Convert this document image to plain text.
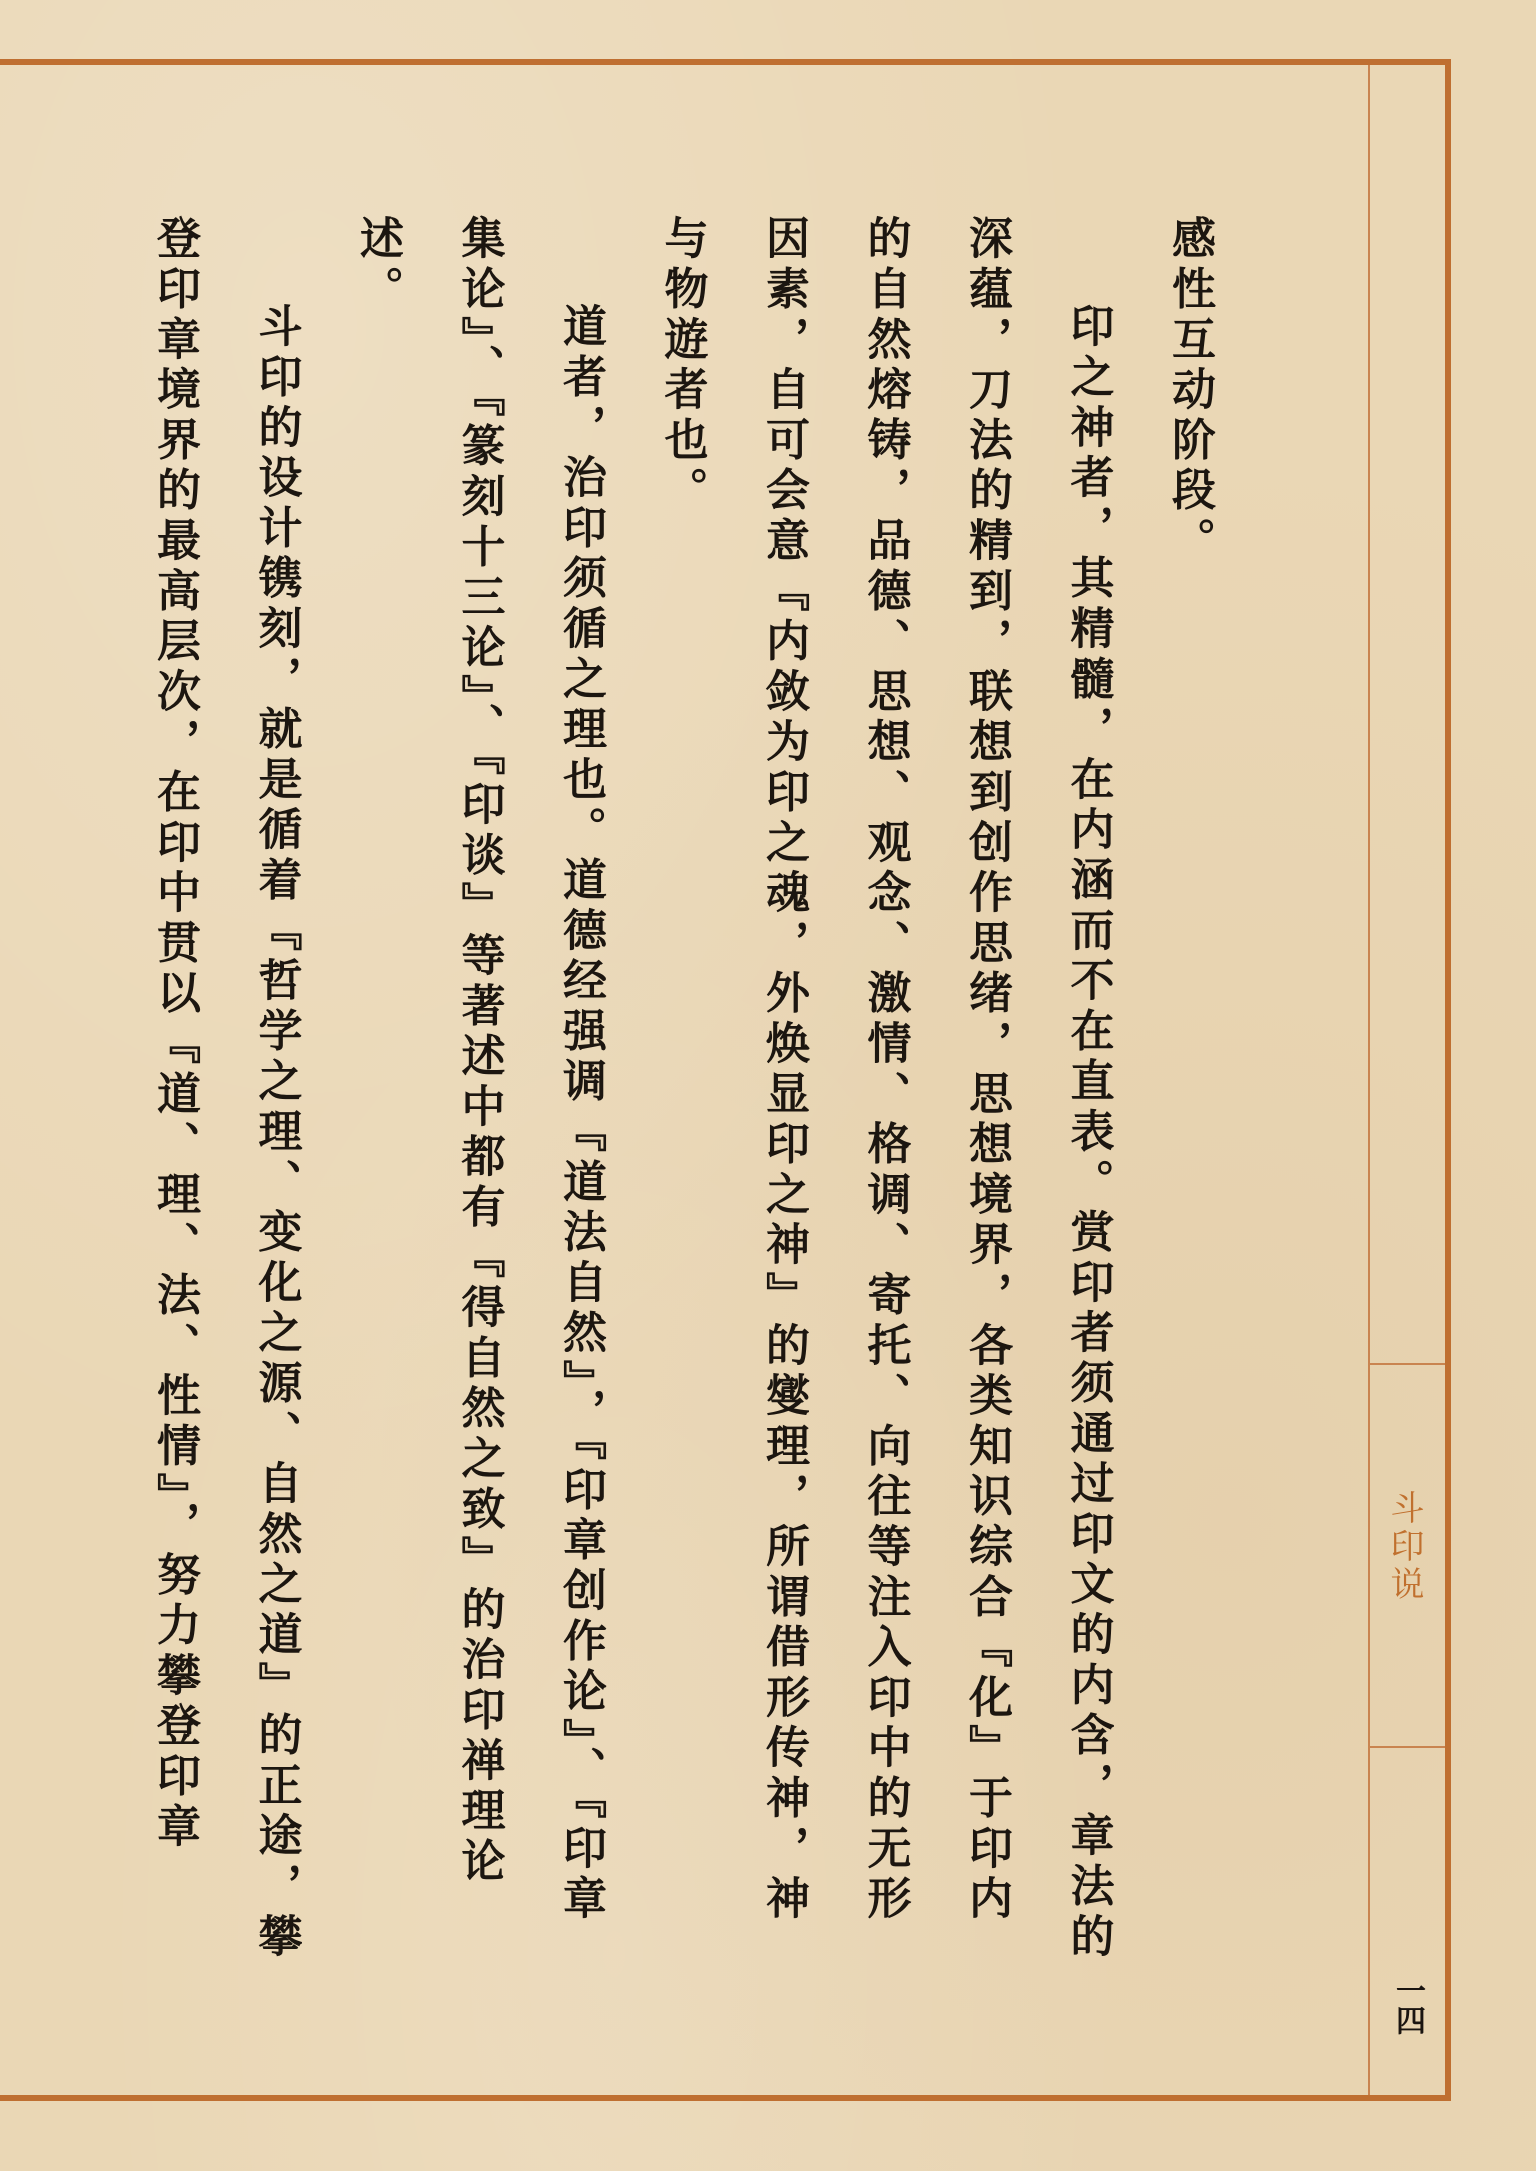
斗印说
一四

感性互动阶段。

印之神者，其精髓，在内涵而不在直表。赏印者须通过印文的内含，章法的深蕴，刀法的精到，联想到创作思绪，思想境界，各类知识综合『化』于印内的自然熔铸，品德、思想、观念、激情、格调、寄托、向往等注入印中的无形因素，自可会意『内敛为印之魂，外焕显印之神』的燮理，所谓借形传神，神与物遊者也。

道者，治印须循之理也。道德经强调『道法自然』，『印章创作论』、『印章集论』、『篆刻十三论』、『印谈』等著述中都有『得自然之致』的治印禅理论述。

斗印的设计镌刻，就是循着『哲学之理、变化之源、自然之道』的正途，攀登印章境界的最高层次，在印中贯以『道、理、法、性情』，努力攀登印章
